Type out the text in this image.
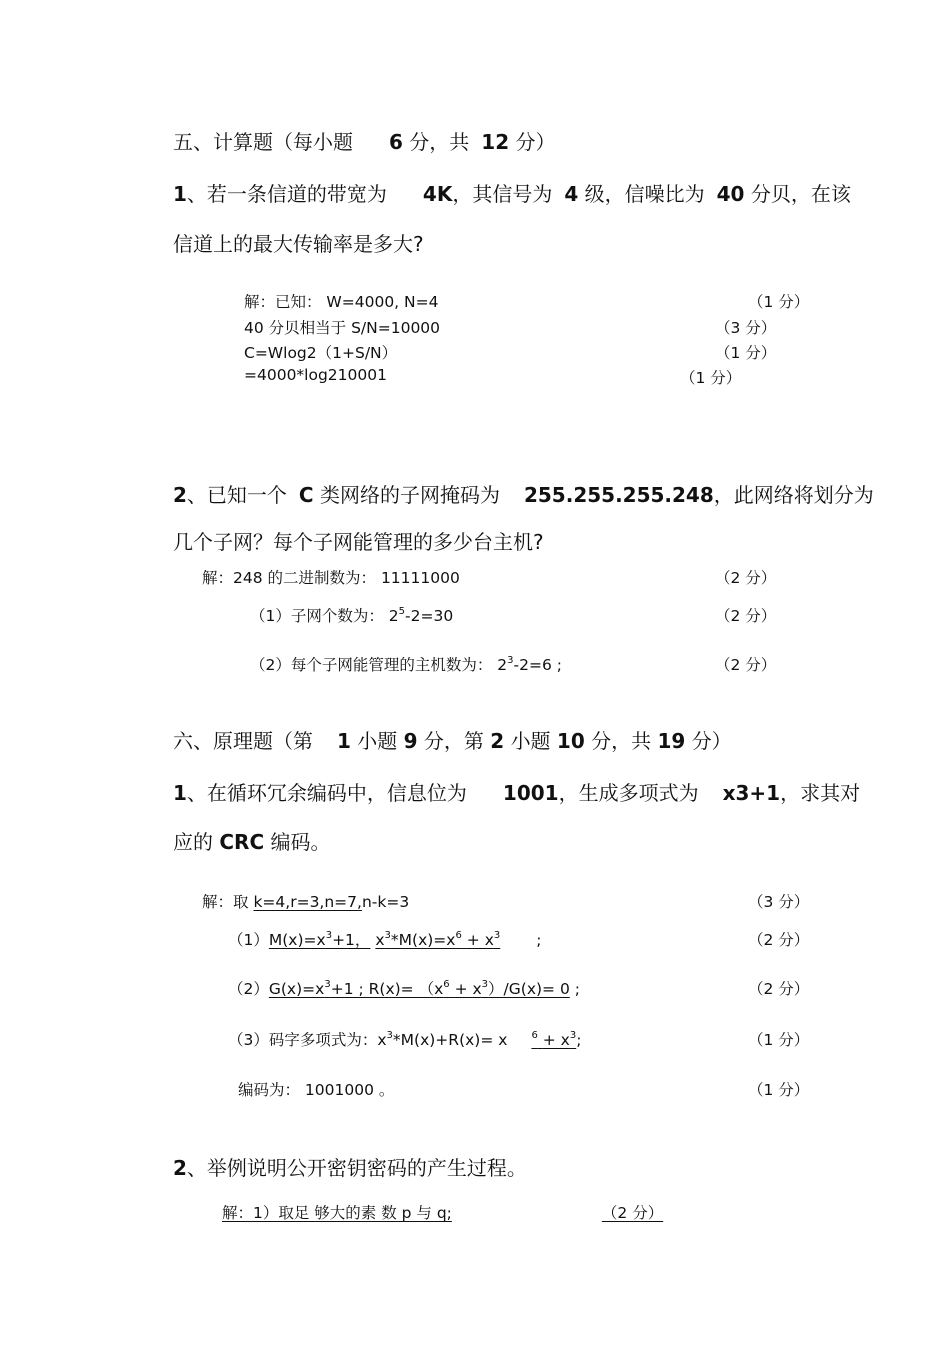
五、计算题（每小题 6 分，共 12 分）
1、若一条信道的带宽为 4K，其信号为 4 级，信噪比为 40 分贝，在该
信道上的最大传输率是多大?
解：已知： W=4000, N=4	（1 分）
40 分贝相当于 S/N=10000	（3 分）
C=Wlog2（1+S/N）	（1 分）
=4000*log210001	（1 分）
2、已知一个 C 类网络的子网掩码为 255.255.255.248，此网络将划分为
几个子网？每个子网能管理的多少台主机?
解：248 的二进制数为： 11111000	（2 分）
（1）子网个数为： $2^5-2=30$	（2 分）
（2）每个子网能管理的主机数为： $2^3-2=6$ ;	（2 分）
六、原理题（第 1 小题 9 分，第 2 小题 10 分，共 19 分）
1、在循环冗余编码中，信息位为 1001，生成多项式为 x3+1，求其对
应的 CRC 编码。
解：取 k=4,r=3,n=7,n-k=3	（3 分）
$(1)M(x)=x^3+1$， $x^3*M(x)=x^6 + x^3$ ;	（2 分）
$(2)G(x)=x^3+1$ ; $R(x)= (x^6 + x^3)/G(x)= 0$ ;	（2 分）
（3）码字多项式为：$x^3*M(x)+R(x)= x$ $^6 + x^3$;	（1 分）
编码为： 1001000 。	（1 分）
2、举例说明公开密钥密码的产生过程。
解：1）取足 够大的素 数 p 与 q;	（2 分）
